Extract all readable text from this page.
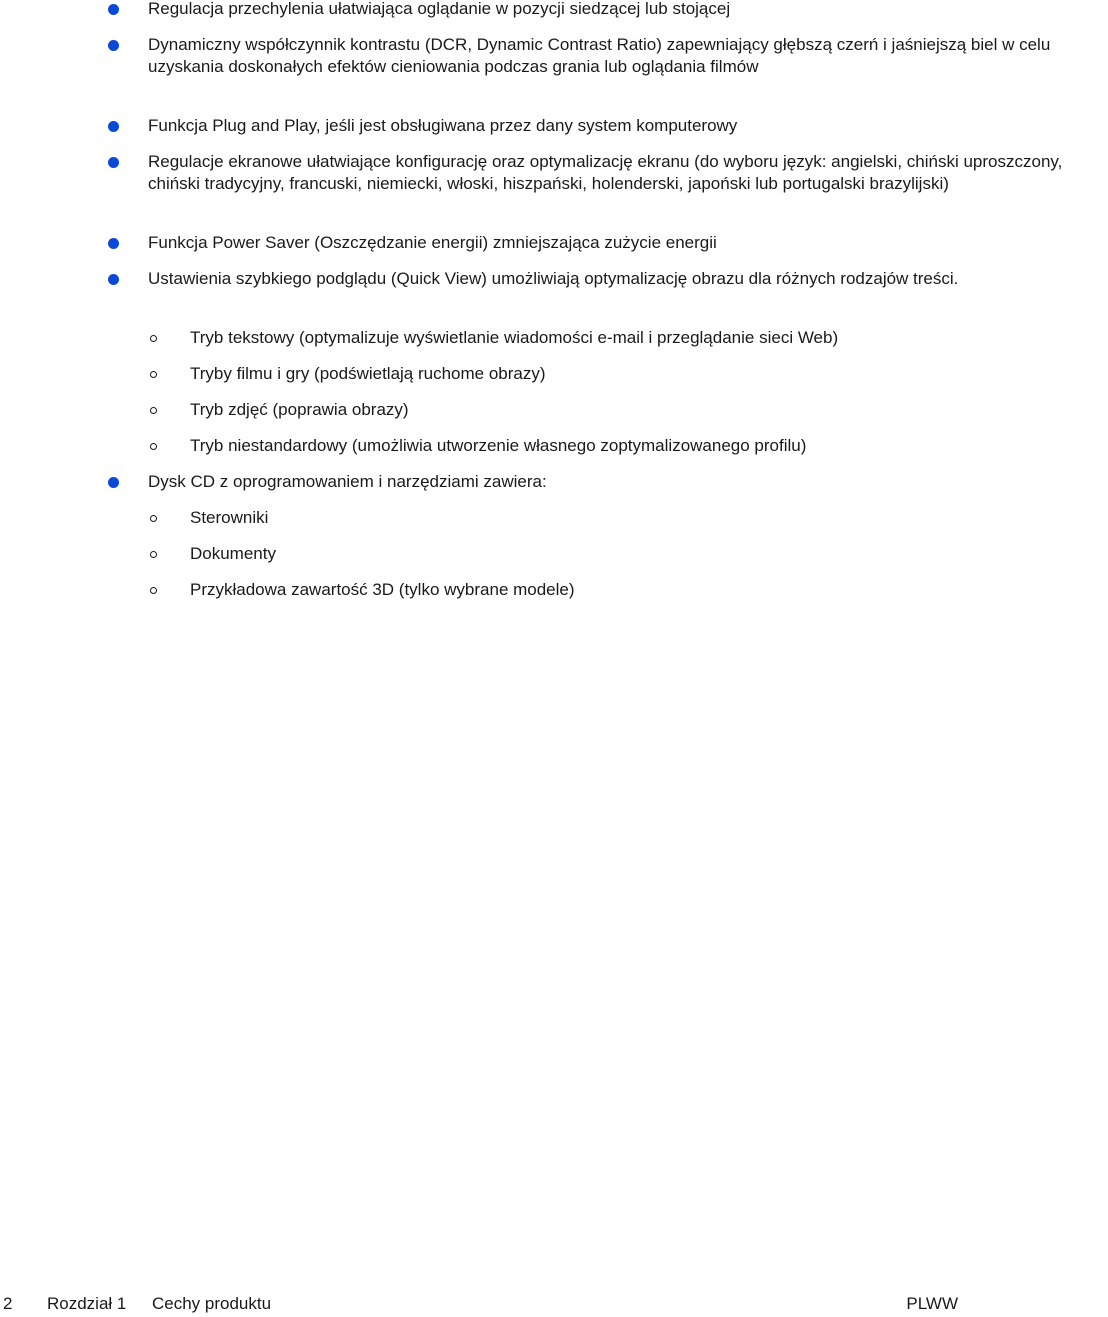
Regulacja przechylenia ułatwiająca oglądanie w pozycji siedzącej lub stojącej
Dynamiczny współczynnik kontrastu (DCR, Dynamic Contrast Ratio) zapewniający głębszą czerń i jaśniejszą biel w celu uzyskania doskonałych efektów cieniowania podczas grania lub oglądania filmów
Funkcja Plug and Play, jeśli jest obsługiwana przez dany system komputerowy
Regulacje ekranowe ułatwiające konfigurację oraz optymalizację ekranu (do wyboru język: angielski, chiński uproszczony, chiński tradycyjny, francuski, niemiecki, włoski, hiszpański, holenderski, japoński lub portugalski brazylijski)
Funkcja Power Saver (Oszczędzanie energii) zmniejszająca zużycie energii
Ustawienia szybkiego podglądu (Quick View) umożliwiają optymalizację obrazu dla różnych rodzajów treści.
Tryb tekstowy (optymalizuje wyświetlanie wiadomości e-mail i przeglądanie sieci Web)
Tryby filmu i gry (podświetlają ruchome obrazy)
Tryb zdjęć (poprawia obrazy)
Tryb niestandardowy (umożliwia utworzenie własnego zoptymalizowanego profilu)
Dysk CD z oprogramowaniem i narzędziami zawiera:
Sterowniki
Dokumenty
Przykładowa zawartość 3D (tylko wybrane modele)
2 Rozdział 1 Cechy produktu	PLWW
